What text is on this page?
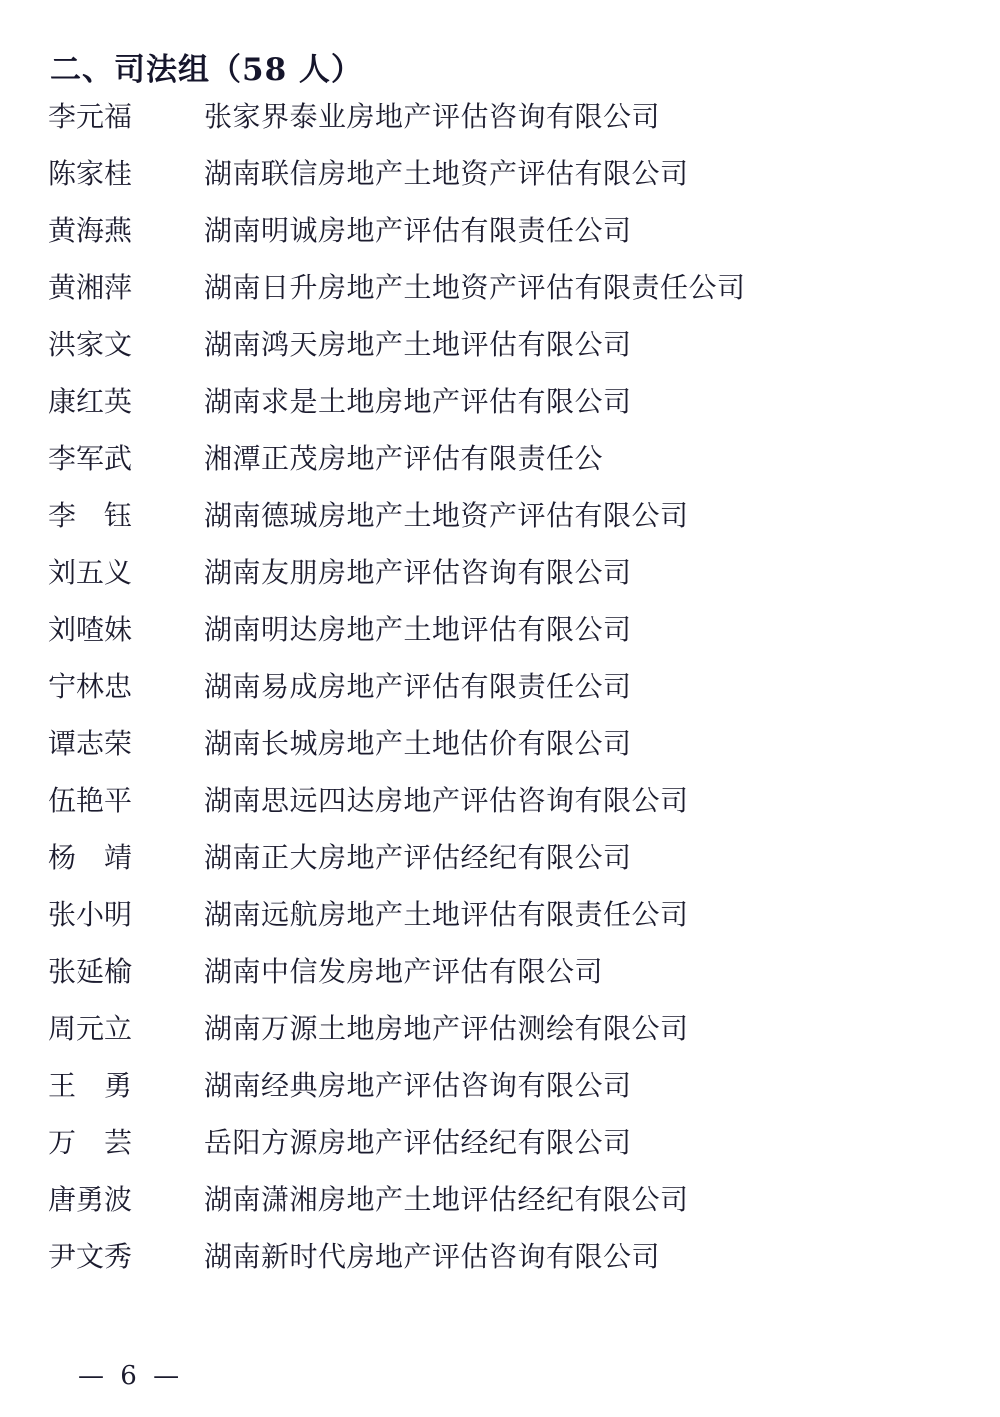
二、司法组（58 人）
李元福	张家界泰业房地产评估咨询有限公司
陈家桂	湖南联信房地产土地资产评估有限公司
黄海燕	湖南明诚房地产评估有限责任公司
黄湘萍	湖南日升房地产土地资产评估有限责任公司
洪家文	湖南鸿天房地产土地评估有限公司
康红英	湖南求是土地房地产评估有限公司
李军武	湘潭正茂房地产评估有限责任公
李　钰	湖南德珹房地产土地资产评估有限公司
刘五义	湖南友朋房地产评估咨询有限公司
刘喳妹	湖南明达房地产土地评估有限公司
宁林忠	湖南易成房地产评估有限责任公司
谭志荣	湖南长城房地产土地估价有限公司
伍艳平	湖南思远四达房地产评估咨询有限公司
杨　靖	湖南正大房地产评估经纪有限公司
张小明	湖南远航房地产土地评估有限责任公司
张延榆	湖南中信发房地产评估有限公司
周元立	湖南万源土地房地产评估测绘有限公司
王　勇	湖南经典房地产评估咨询有限公司
万　芸	岳阳方源房地产评估经纪有限公司
唐勇波	湖南潇湘房地产土地评估经纪有限公司
尹文秀	湖南新时代房地产评估咨询有限公司
— 6 —
